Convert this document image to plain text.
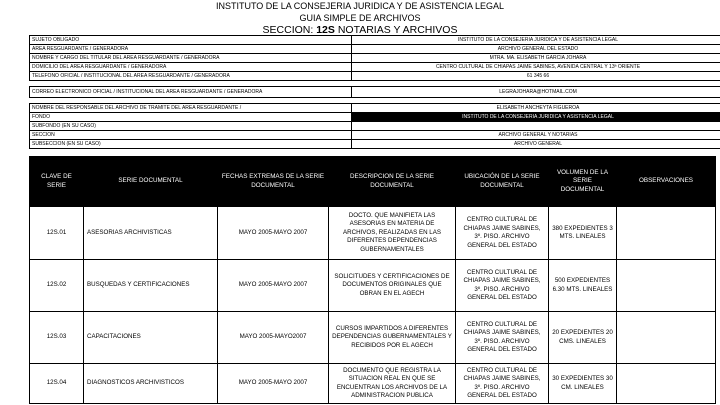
INSTITUTO DE LA CONSEJERIA JURIDICA Y DE ASISTENCIA LEGAL
GUIA SIMPLE DE ARCHIVOS
SECCION: 12S NOTARIAS Y ARCHIVOS
SUJETO OBLIGADO	INSTITUTO DE LA CONSEJERIA JURIDICA Y DE ASISTENCIA LEGAL
AREA RESGUARDANTE / GENERADORA	ARCHIVO GENERAL DEL ESTADO
NOMBRE Y CARGO DEL TITULAR DEL AREA RESGUARDANTE / GENERADORA	MTRA. MA. ELISABETH GARCIA JOHARA
DOMICILIO DEL AREA RESGUARDANTE / GENERADORA	CENTRO CULTURAL DE CHIAPAS JAIME SABINES, AVENIDA CENTRAL Y 13ª ORIENTE
TELEFONO OFICIAL / INSTITUCIONAL DEL AREA RESGUARDANTE / GENERADORA	61 345 66
CORREO ELECTRONICO OFICIAL / INSTITUCIONAL DEL AREA RESGUARDANTE / GENERADORA	LEGRAJOHARA@HOTMAIL.COM
NOMBRE DEL RESPONSABLE DEL ARCHIVO DE TRAMITE DEL AREA RESGUARDANTE /	ELISABETH ANCHEYTA FIGUEROA
FONDO	INSTITUTO DE LA CONSEJERIA JURIDICA Y ASISTENCIA LEGAL
SUBFONDO (EN SU CASO)	
SECCION	ARCHIVO GENERAL Y NOTARIAS
SUBSECCION (EN SU CASO)	ARCHIVO GENERAL
CLAVE DE SERIE	SERIE DOCUMENTAL	FECHAS EXTREMAS DE LA SERIE DOCUMENTAL	DESCRIPCION DE LA SERIE DOCUMENTAL	UBICACIÓN DE LA SERIE DOCUMENTAL	VOLUMEN DE LA SERIE DOCUMENTAL	OBSERVACIONES
12S.01	ASESORIAS ARCHIVISTICAS	MAYO 2005-MAYO 2007	DOCTO. QUE MANIFIETA LAS ASESORIAS EN MATERIA DE ARCHIVOS, REALIZADAS EN LAS DIFERENTES DEPENDENCIAS GUBERNAMENTALES	CENTRO CULTURAL DE CHIAPAS JAIME SABINES, 3º. PISO. ARCHIVO GENERAL DEL ESTADO	380 EXPEDIENTES 3 MTS. LINEALES	
12S.02	BUSQUEDAS Y CERTIFICACIONES	MAYO 2005-MAYO 2007	SOLICITUDES Y CERTIFICACIONES DE DOCUMENTOS ORIGINALES QUE OBRAN EN EL AGECH	CENTRO CULTURAL DE CHIAPAS JAIME SABINES, 3º. PISO. ARCHIVO GENERAL DEL ESTADO	500 EXPEDIENTES 6.30 MTS. LINEALES	
12S.03	CAPACITACIONES	MAYO 2005-MAYO2007	CURSOS IMPARTIDOS A DIFERENTES DEPENDENCIAS GUBERNAMENTALES Y RECIBIDOS POR EL AGECH	CENTRO CULTURAL DE CHIAPAS JAIME SABINES, 3º. PISO. ARCHIVO GENERAL DEL ESTADO	20 EXPEDIENTES 20 CMS. LINEALES	
12S.04	DIAGNOSTICOS ARCHIVISTICOS	MAYO 2005-MAYO 2007	DOCUMENTO QUE REGISTRA LA SITUACION REAL EN QUE SE ENCUENTRAN LOS ARCHIVOS DE LA ADMINISTRACION PUBLICA	CENTRO CULTURAL DE CHIAPAS JAIME SABINES, 3º. PISO. ARCHIVO GENERAL DEL ESTADO	30 EXPEDIENTES 30 CM. LINEALES	
